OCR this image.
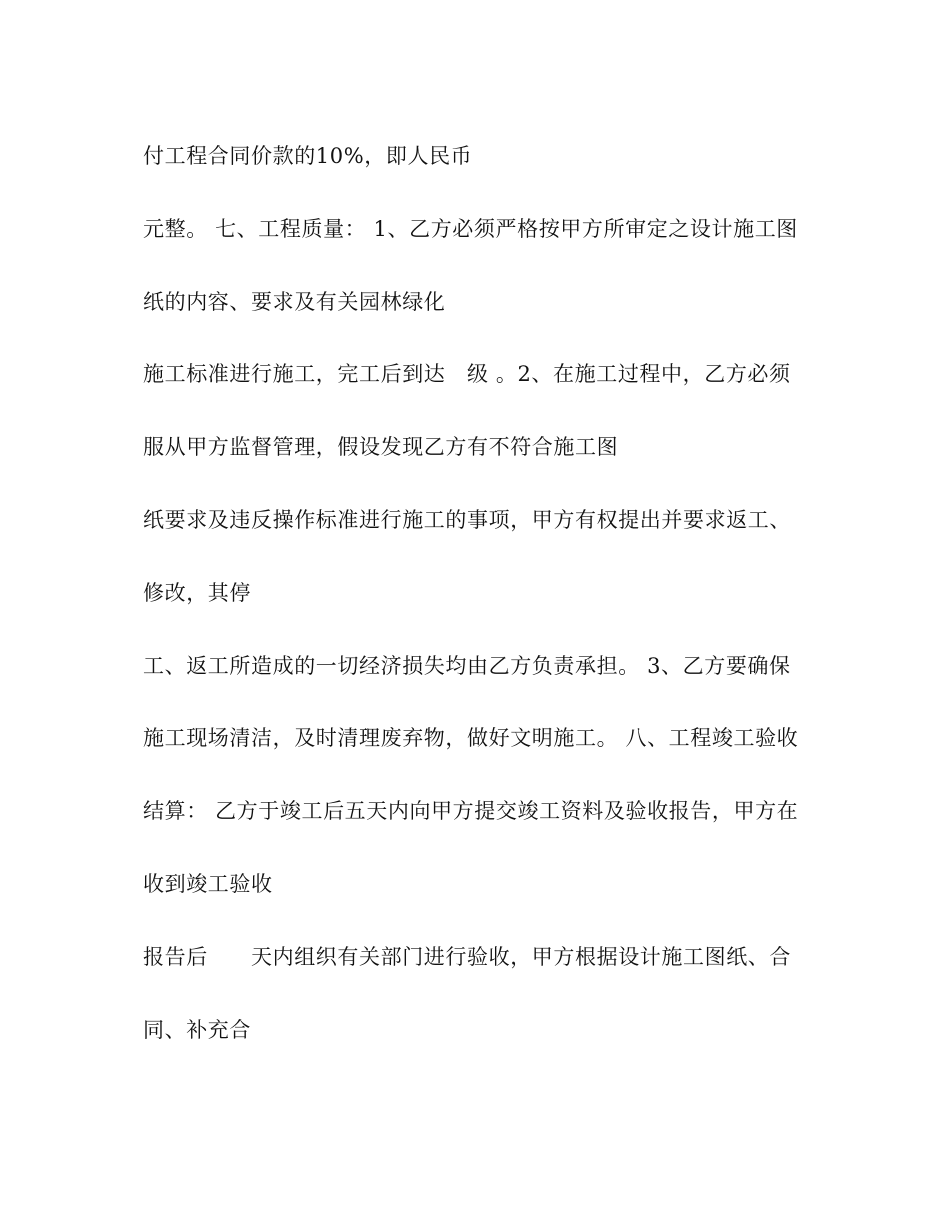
付工程合同价款的10%，即人民币
元整。 七、工程质量： 1、乙方必须严格按甲方所审定之设计施工图
纸的内容、要求及有关园林绿化
施工标准进行施工，完工后到达　级 。2、在施工过程中，乙方必须
服从甲方监督管理，假设发现乙方有不符合施工图
纸要求及违反操作标准进行施工的事项，甲方有权提出并要求返工、
修改，其停
工、返工所造成的一切经济损失均由乙方负责承担。 3、乙方要确保
施工现场清洁，及时清理废弃物，做好文明施工。 八、工程竣工验收
结算： 乙方于竣工后五天内向甲方提交竣工资料及验收报告，甲方在
收到竣工验收
报告后　　天内组织有关部门进行验收，甲方根据设计施工图纸、合
同、补充合
